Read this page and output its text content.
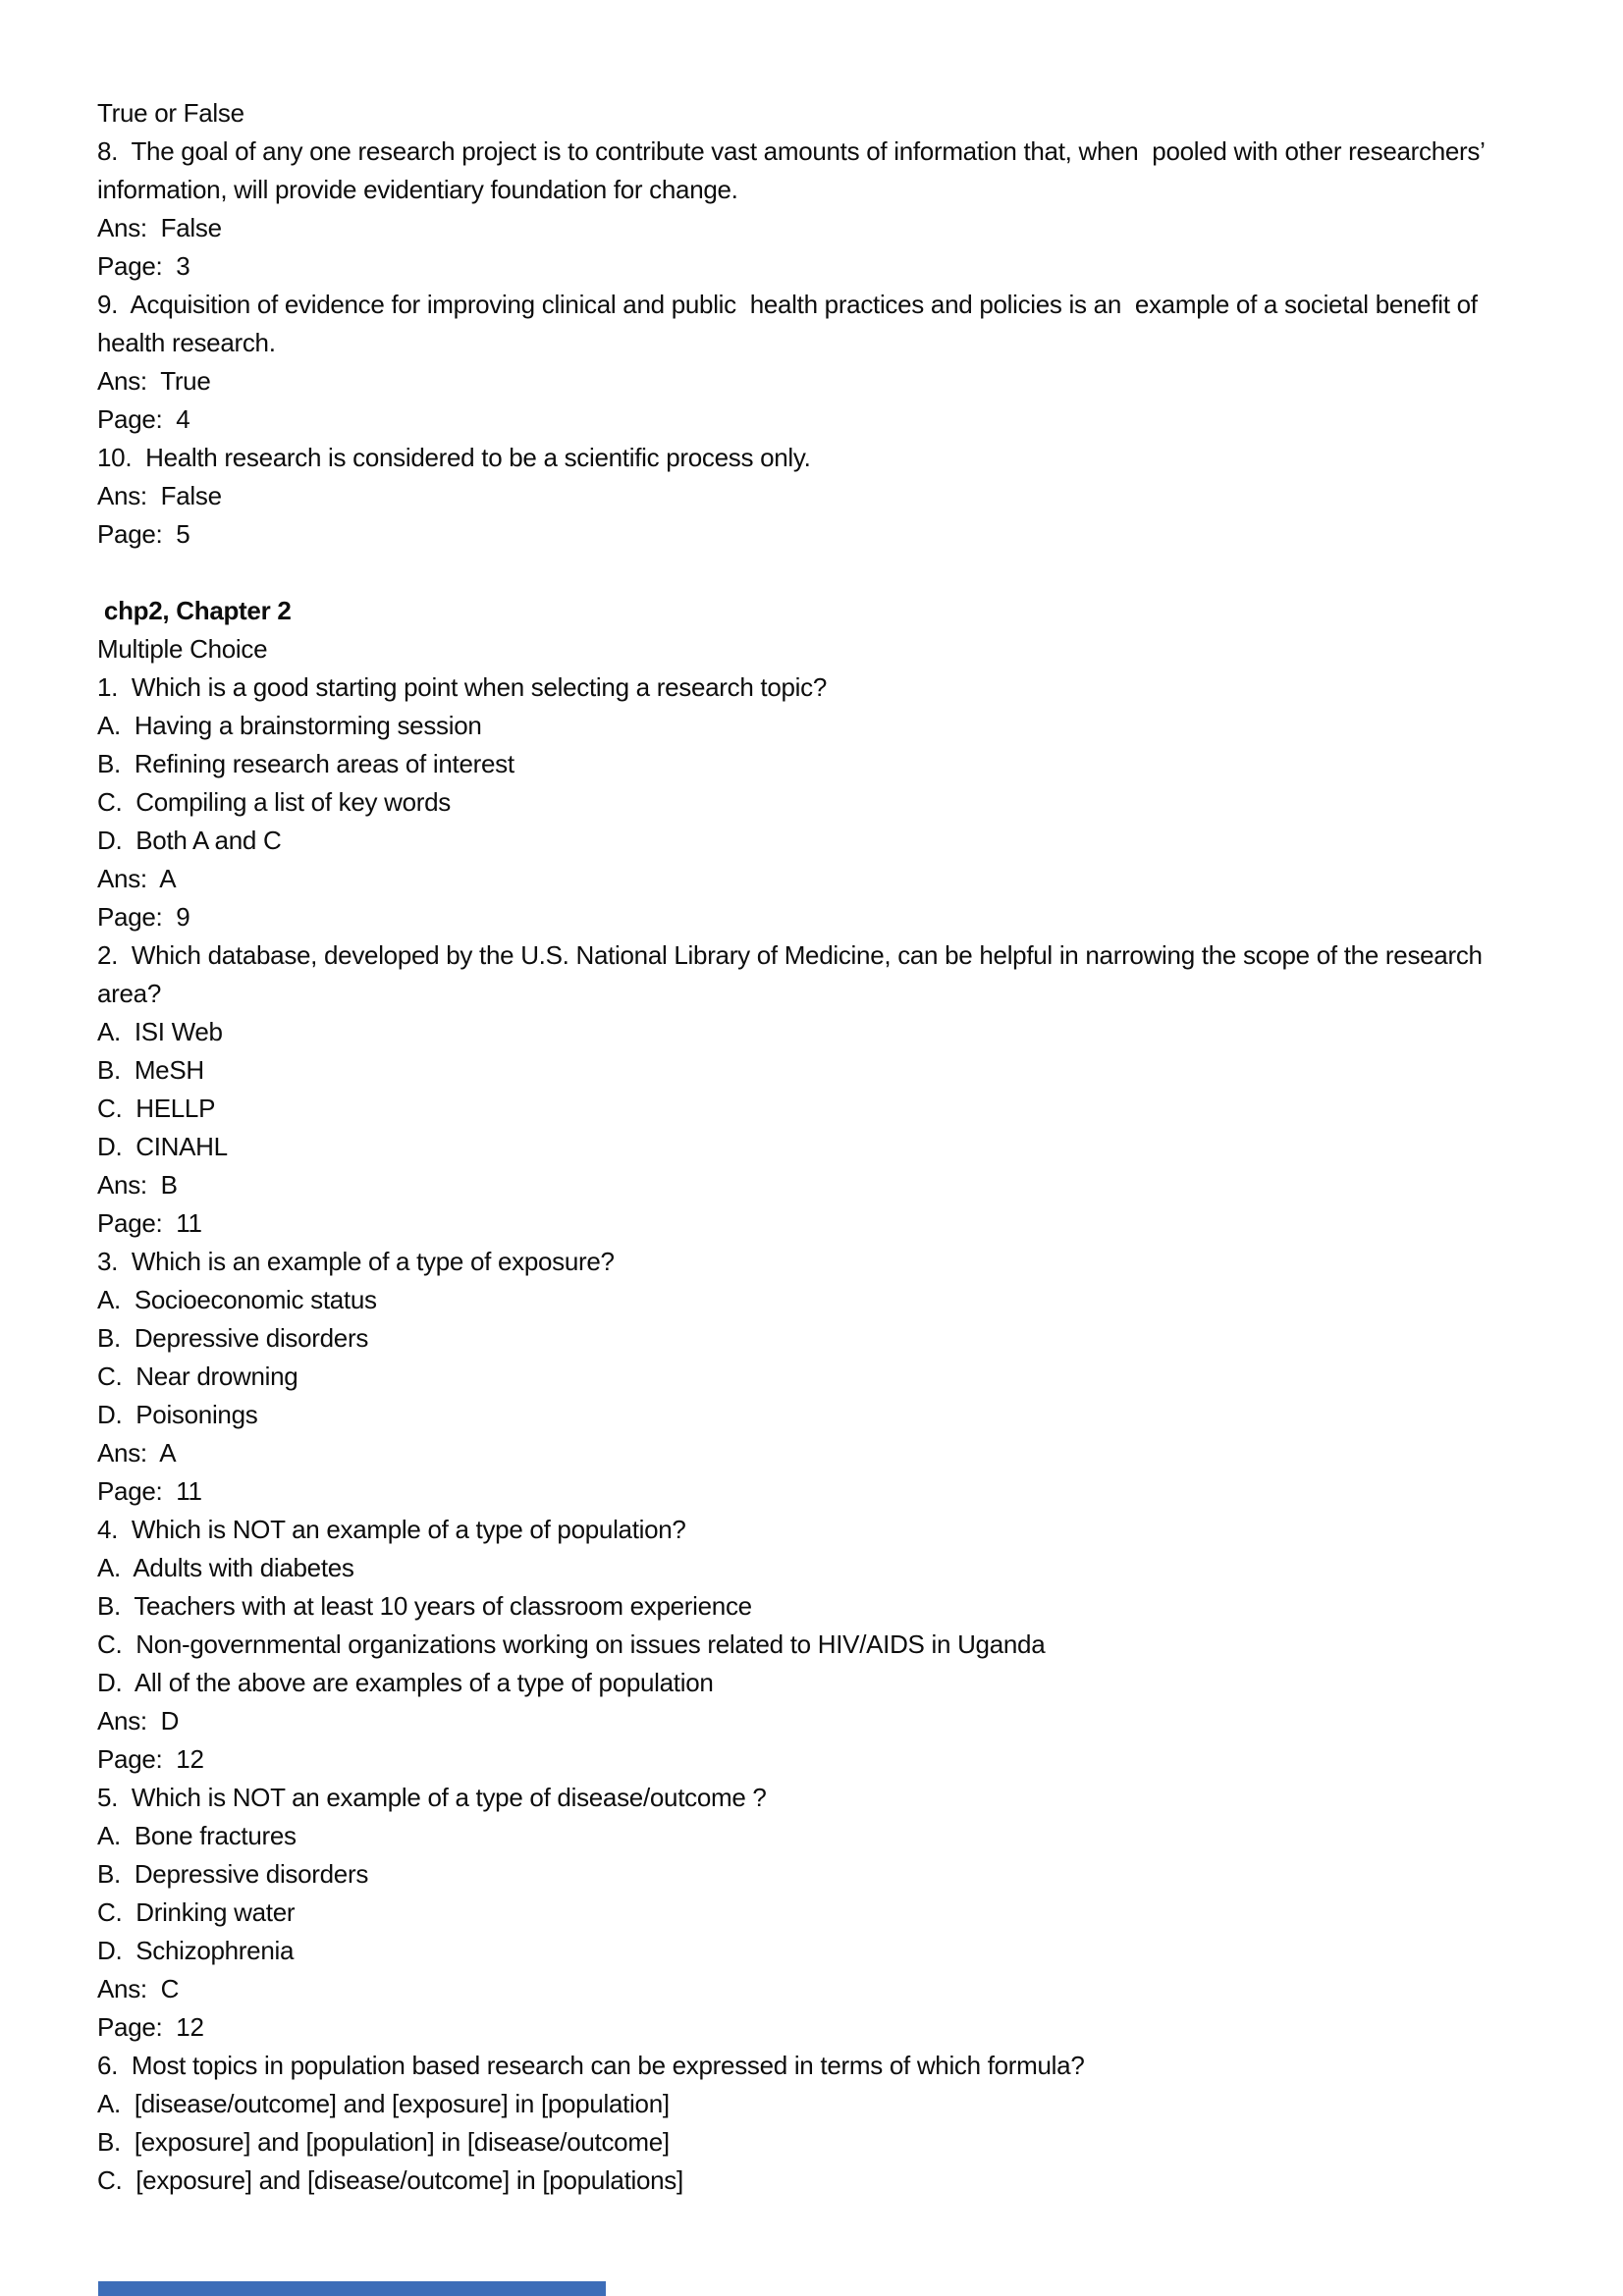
True or False
8.  The goal of any one research project is to contribute vast amounts of information that, when  pooled with other researchers’
information, will provide evidentiary foundation for change.
Ans:  False
Page:  3
9.  Acquisition of evidence for improving clinical and public  health practices and policies is an  example of a societal benefit of
health research.
Ans:  True
Page:  4
10.  Health research is considered to be a scientific process only.
Ans:  False
Page:  5
chp2, Chapter 2
Multiple Choice
1.  Which is a good starting point when selecting a research topic?
A.  Having a brainstorming session
B.  Refining research areas of interest
C.  Compiling a list of key words
D.  Both A and C
Ans:  A
Page:  9
2.  Which database, developed by the U.S. National Library of Medicine, can be helpful in narrowing the scope of the research
area?
A.  ISI Web
B.  MeSH
C.  HELLP
D.  CINAHL
Ans:  B
Page:  11
3.  Which is an example of a type of exposure?
A.  Socioeconomic status
B.  Depressive disorders
C.  Near drowning
D.  Poisonings
Ans:  A
Page:  11
4.  Which is NOT an example of a type of population?
A.  Adults with diabetes
B.  Teachers with at least 10 years of classroom experience
C.  Non-governmental organizations working on issues related to HIV/AIDS in Uganda
D.  All of the above are examples of a type of population
Ans:  D
Page:  12
5.  Which is NOT an example of a type of disease/outcome ?
A.  Bone fractures
B.  Depressive disorders
C.  Drinking water
D.  Schizophrenia
Ans:  C
Page:  12
6.  Most topics in population based research can be expressed in terms of which formula?
A.  [disease/outcome] and [exposure] in [population]
B.  [exposure] and [population] in [disease/outcome]
C.  [exposure] and [disease/outcome] in [populations]
